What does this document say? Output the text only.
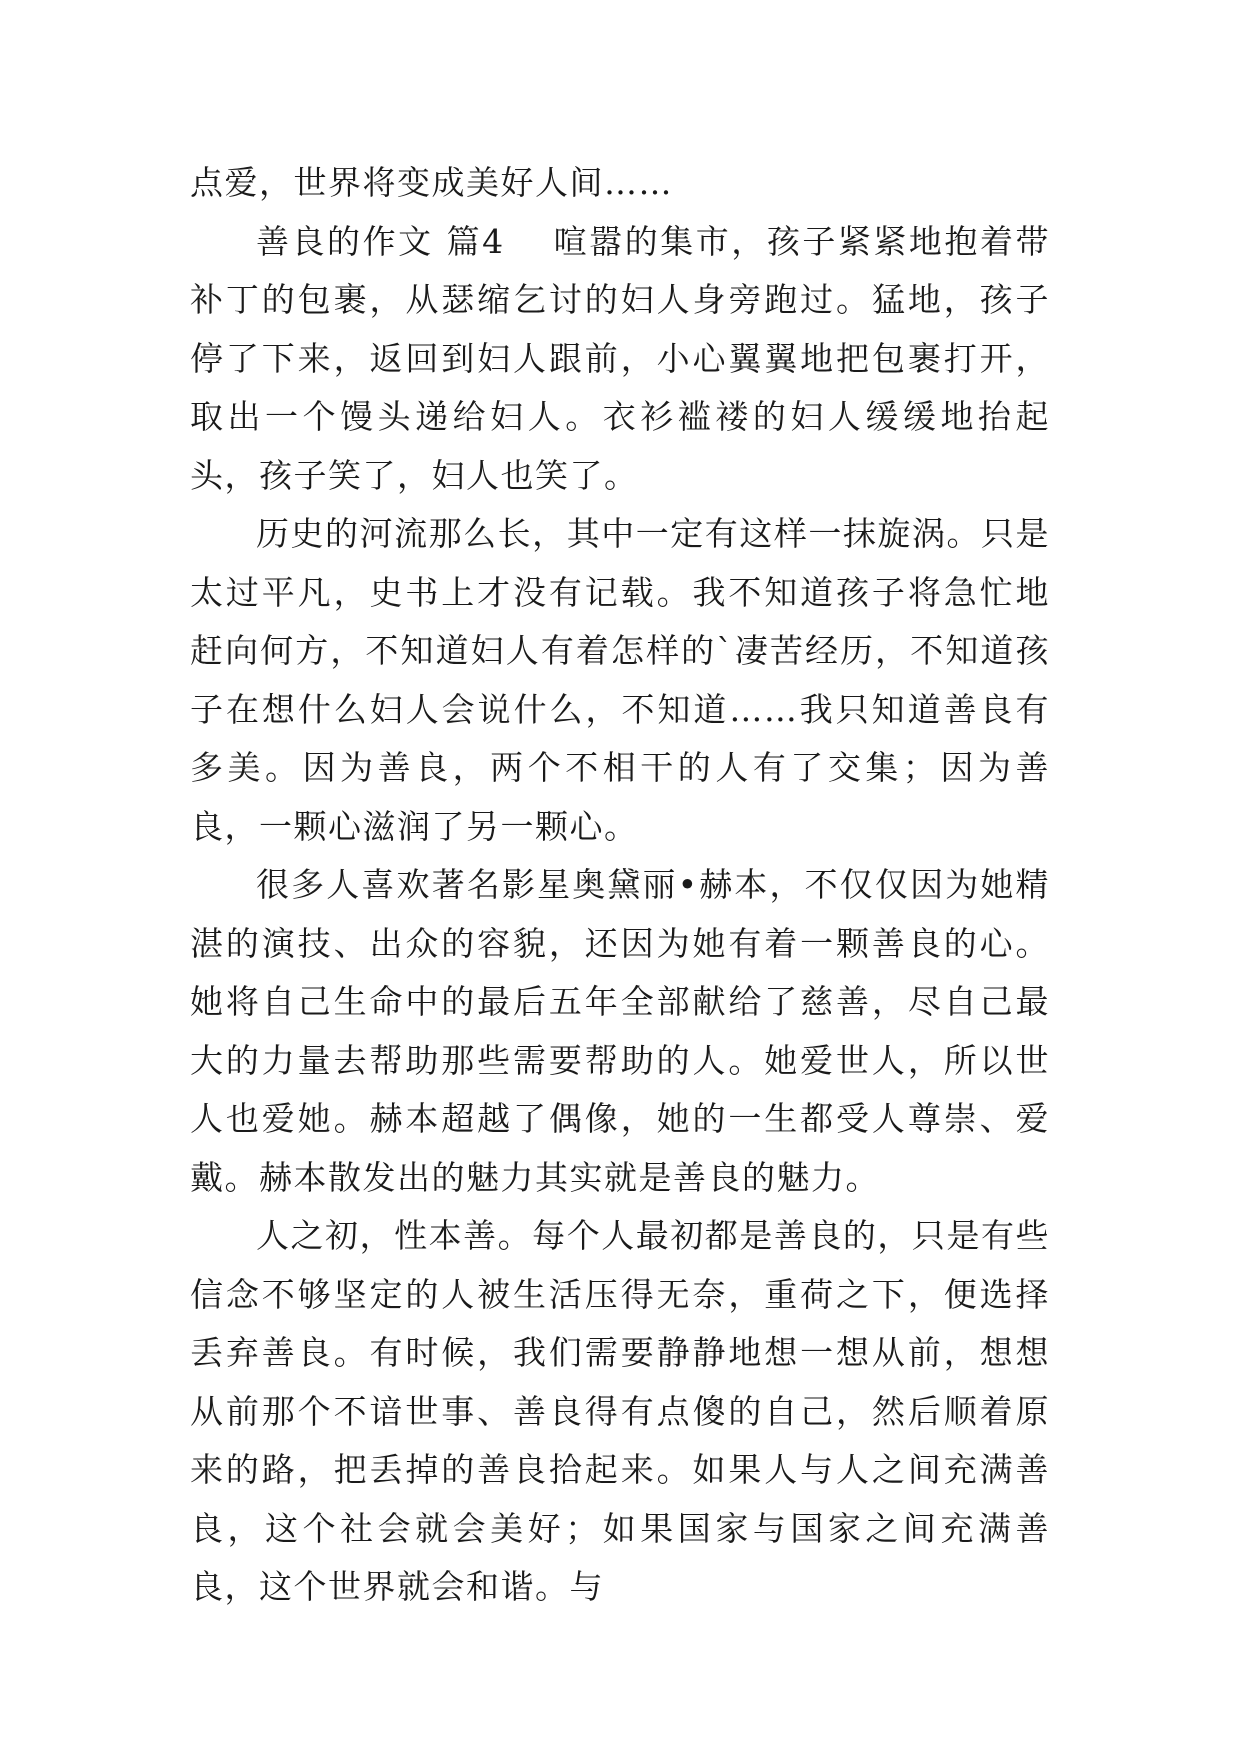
点爱，世界将变成美好人间……

善良的作文 篇4 喧嚣的集市，孩子紧紧地抱着带补丁的包裹，从瑟缩乞讨的妇人身旁跑过。猛地，孩子停了下来，返回到妇人跟前，小心翼翼地把包裹打开，取出一个馒头递给妇人。衣衫褴褛的妇人缓缓地抬起头，孩子笑了，妇人也笑了。

历史的河流那么长，其中一定有这样一抹旋涡。只是太过平凡，史书上才没有记载。我不知道孩子将急忙地赶向何方，不知道妇人有着怎样的`凄苦经历，不知道孩子在想什么妇人会说什么，不知道……我只知道善良有多美。因为善良，两个不相干的人有了交集；因为善良，一颗心滋润了另一颗心。

很多人喜欢著名影星奥黛丽•赫本，不仅仅因为她精湛的演技、出众的容貌，还因为她有着一颗善良的心。她将自己生命中的最后五年全部献给了慈善，尽自己最大的力量去帮助那些需要帮助的人。她爱世人，所以世人也爱她。赫本超越了偶像，她的一生都受人尊崇、爱戴。赫本散发出的魅力其实就是善良的魅力。

人之初，性本善。每个人最初都是善良的，只是有些信念不够坚定的人被生活压得无奈，重荷之下，便选择丢弃善良。有时候，我们需要静静地想一想从前，想想从前那个不谙世事、善良得有点傻的自己，然后顺着原来的路，把丢掉的善良拾起来。如果人与人之间充满善良，这个社会就会美好；如果国家与国家之间充满善良，这个世界就会和谐。与
